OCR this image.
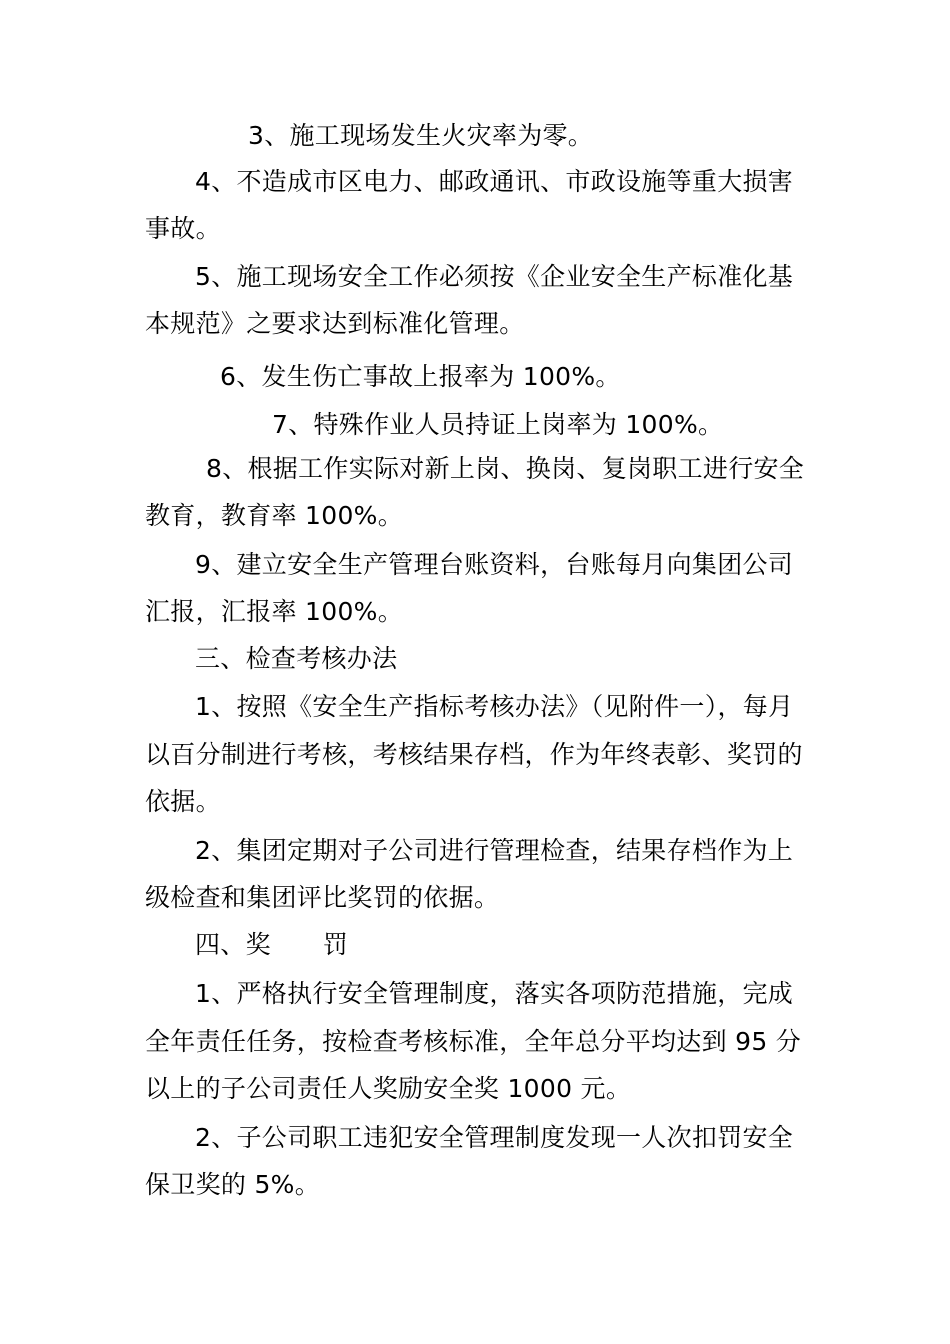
3、施工现场发生火灾率为零。
4、不造成市区电力、邮政通讯、市政设施等重大损害
事故。
5、施工现场安全工作必须按《企业安全生产标准化基
本规范》之要求达到标准化管理。
6、发生伤亡事故上报率为 100%。
7、特殊作业人员持证上岗率为 100%。
8、根据工作实际对新上岗、换岗、复岗职工进行安全
教育，教育率 100%。
9、建立安全生产管理台账资料，台账每月向集团公司
汇报，汇报率 100%。
三、检查考核办法
1、按照《安全生产指标考核办法》（见附件一），每月
以百分制进行考核，考核结果存档，作为年终表彰、奖罚的
依据。
2、集团定期对子公司进行管理检查，结果存档作为上
级检查和集团评比奖罚的依据。
四、奖 罚
1、严格执行安全管理制度，落实各项防范措施，完成
全年责任任务，按检查考核标准，全年总分平均达到 95 分
以上的子公司责任人奖励安全奖 1000 元。
2、子公司职工违犯安全管理制度发现一人次扣罚安全
保卫奖的 5%。
